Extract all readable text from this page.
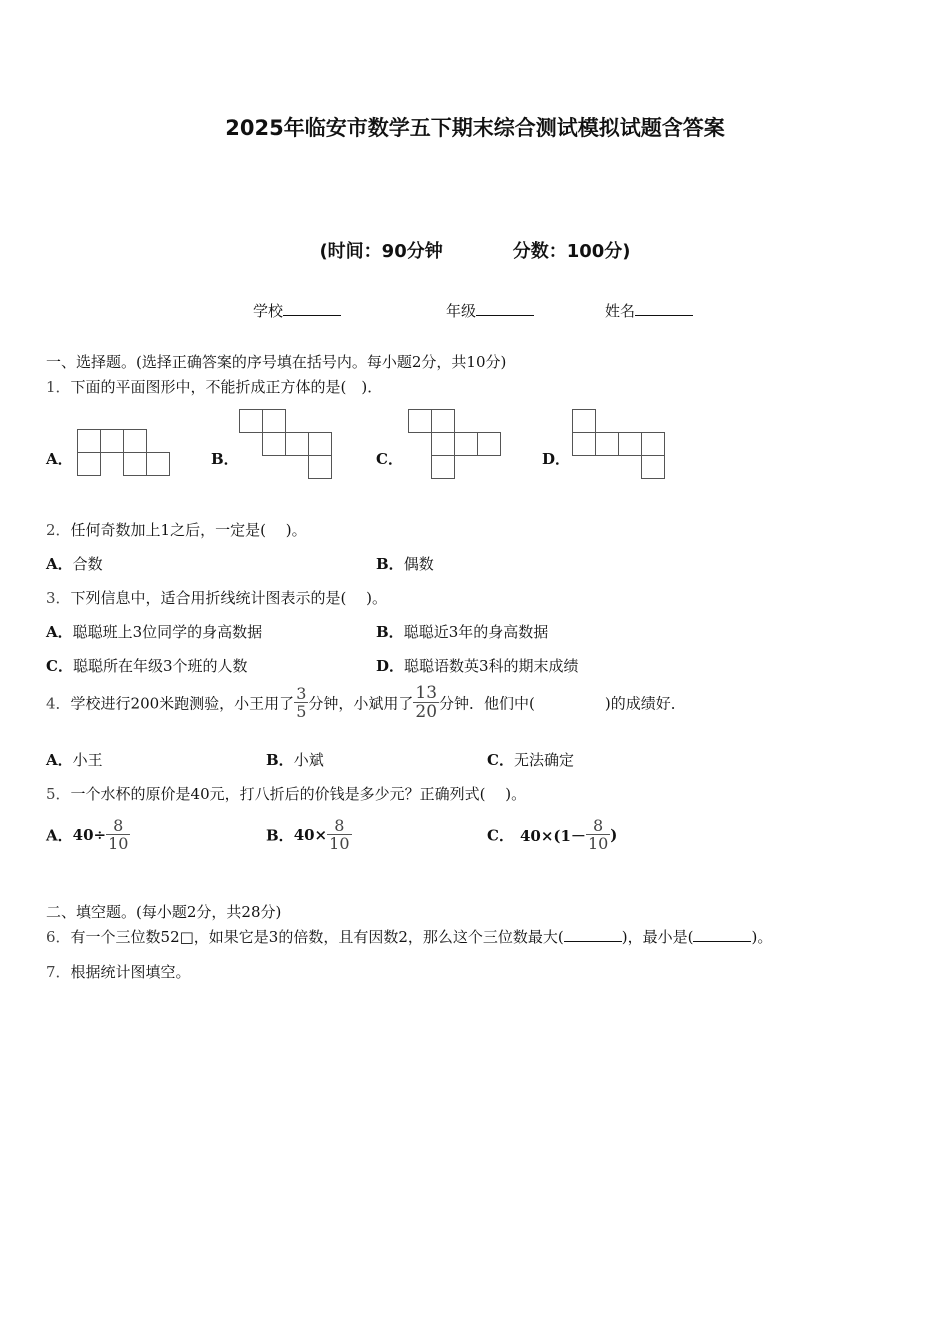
2025年临安市数学五下期末综合测试模拟试题含答案
(时间：90分钟	分数：100分)
学校	年级	姓名
一、选择题。(选择正确答案的序号填在括号内。每小题2分，共10分)
1．下面的平面图形中，不能折成正方体的是(　)．
A．	B．	C．	D．
2．任何奇数加上1之后，一定是(　 )。
A．合数	B．偶数
3．下列信息中，适合用折线统计图表示的是(　 )。
A．聪聪班上3位同学的身高数据	B．聪聪近3年的身高数据
C．聪聪所在年级3个班的人数	D．聪聪语数英3科的期末成绩
4．学校进行200米跑测验，小王用了 $\frac{3}{5}$ 分钟，小斌用了 $\frac{13}{20}$ 分钟．他们中(	)的成绩好．
A．小王	B．小斌	C．无法确定
5．一个水杯的原价是40元，打八折后的价钱是多少元？正确列式(　 )。
A．$40\div \frac{8}{10}$	B．$40\times \frac{8}{10}$	C． $40\times(1- \frac{8}{10}$ )
二、填空题。(每小题2分，共28分)
6．有一个三位数52□，如果它是3的倍数，且有因数2，那么这个三位数最大(	)，最小是(	)。
7．根据统计图填空。
